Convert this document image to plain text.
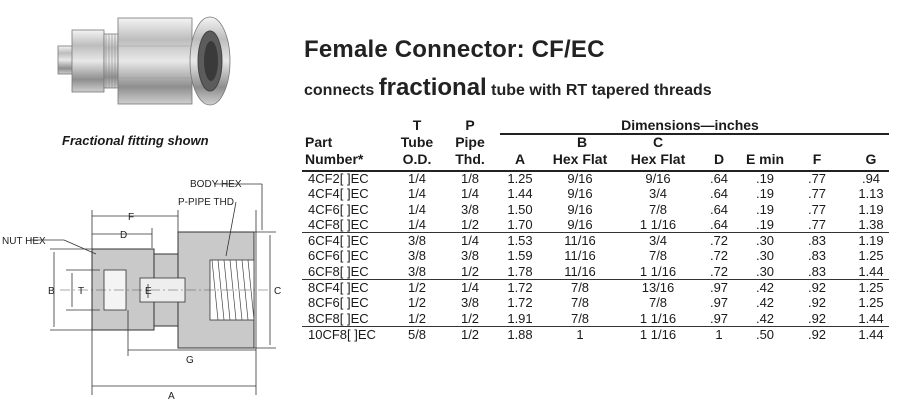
Fractional fitting shown
BODY HEX
P-PIPE THD
NUT HEX
F
D
B T	E	C
G
A
Female Connector: CF/EC
connects fractional tube with RT tapered threads
T	P	Dimensions—inches
Part	Tube	Pipe	B	C
Number*	O.D.	Thd.	A	Hex Flat	Hex Flat	D	E min	F	G
4CF2[ ]EC	1/4	1/8 1.25	9/16	9/16	.64 .19	.77	.94
4CF4[ ]EC	1/4	1/4 1.44	9/16	3/4	.64 .19	.77 1.13
4CF6[ ]EC	1/4	3/8 1.50	9/16	7/8	.64 .19	.77 1.19
4CF8[ ]EC	1/4	1/2 1.70	9/16	1 1/16	.64 .19	.77 1.38
6CF4[ ]EC	3/8	1/4 1.53 11/16	3/4	.72 .30	.83 1.19
6CF6[ ]EC	3/8	3/8 1.59 11/16	7/8	.72 .30	.83 1.25
6CF8[ ]EC	3/8	1/2 1.78 11/16	1 1/16	.72 .30	.83 1.44
8CF4[ ]EC	1/2	1/4 1.72	7/8	13/16	.97 .42	.92 1.25
8CF6[ ]EC	1/2	3/8 1.72	7/8	7/8	.97 .42	.92 1.25
8CF8[ ]EC	1/2	1/2 1.91	7/8	1 1/16	.97 .42	.92 1.44
10CF8[ ]EC 5/8	1/2 1.88	1	1 1/16	1	.50	.92 1.44
